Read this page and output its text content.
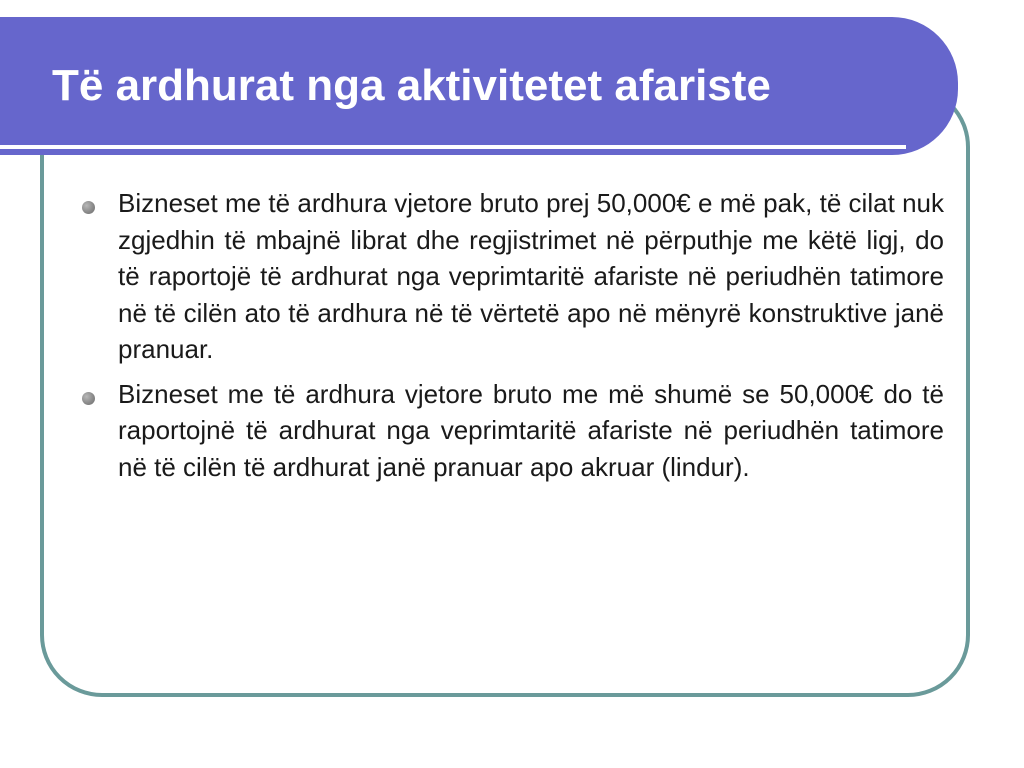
Të ardhurat nga aktivitetet afariste
Bizneset me të ardhura vjetore bruto prej 50,000€ e më pak, të cilat nuk zgjedhin të mbajnë librat dhe regjistrimet në përputhje me këtë ligj, do të raportojë të ardhurat nga veprimtaritë afariste në periudhën tatimore në të cilën ato të ardhura në të vërtetë apo në mënyrë konstruktive janë pranuar.
Bizneset me të ardhura vjetore bruto me më shumë se 50,000€ do të raportojnë të ardhurat nga veprimtaritë afariste në periudhën tatimore në të cilën të ardhurat janë pranuar apo akruar (lindur).
